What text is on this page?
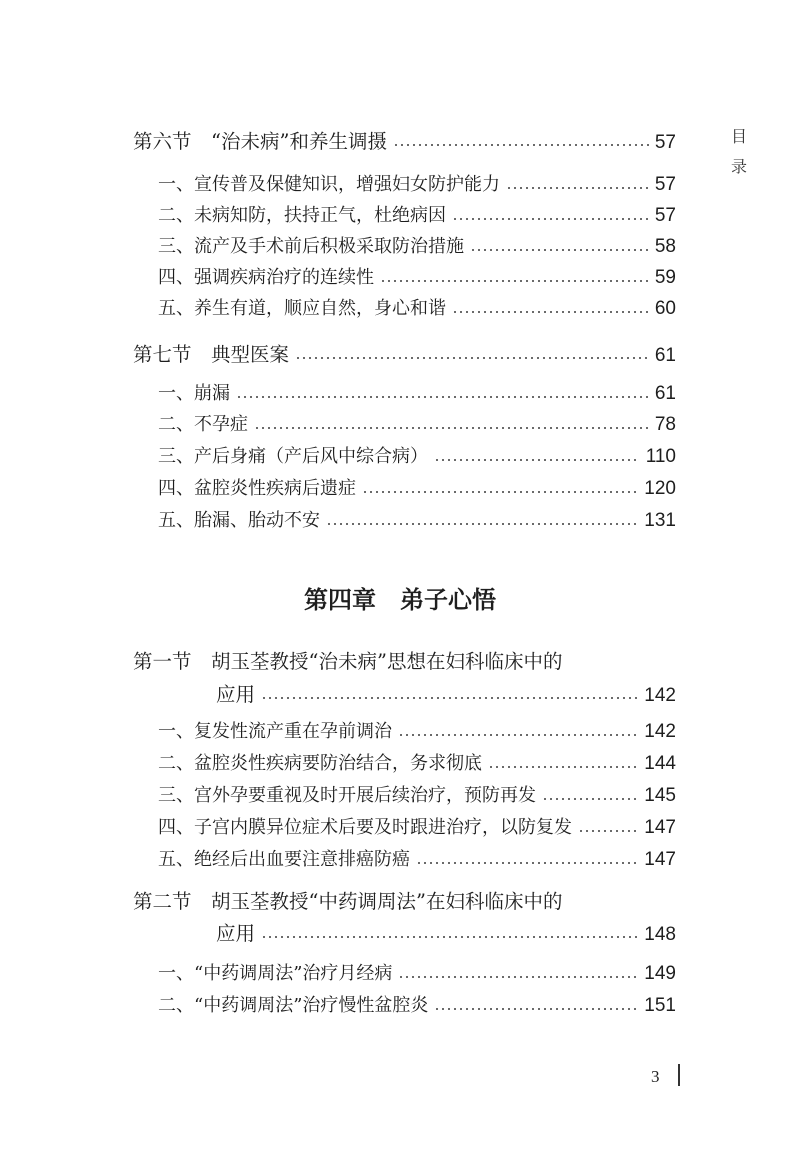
目
录
第六节　“治未病”和养生调摄	57
一、宣传普及保健知识，增强妇女防护能力	57
二、未病知防，扶持正气，杜绝病因	57
三、流产及手术前后积极采取防治措施	58
四、强调疾病治疗的连续性	59
五、养生有道，顺应自然，身心和谐	60
第七节　典型医案	61
一、崩漏	61
二、不孕症	78
三、产后身痛（产后风中综合病）	110
四、盆腔炎性疾病后遗症	120
五、胎漏、胎动不安	131
第四章　弟子心悟
第一节　胡玉荃教授“治未病”思想在妇科临床中的
应用	142
一、复发性流产重在孕前调治	142
二、盆腔炎性疾病要防治结合，务求彻底	144
三、宫外孕要重视及时开展后续治疗，预防再发	145
四、子宫内膜异位症术后要及时跟进治疗，以防复发	147
五、绝经后出血要注意排癌防癌	147
第二节　胡玉荃教授“中药调周法”在妇科临床中的
应用	148
一、“中药调周法”治疗月经病	149
二、“中药调周法”治疗慢性盆腔炎	151
3
